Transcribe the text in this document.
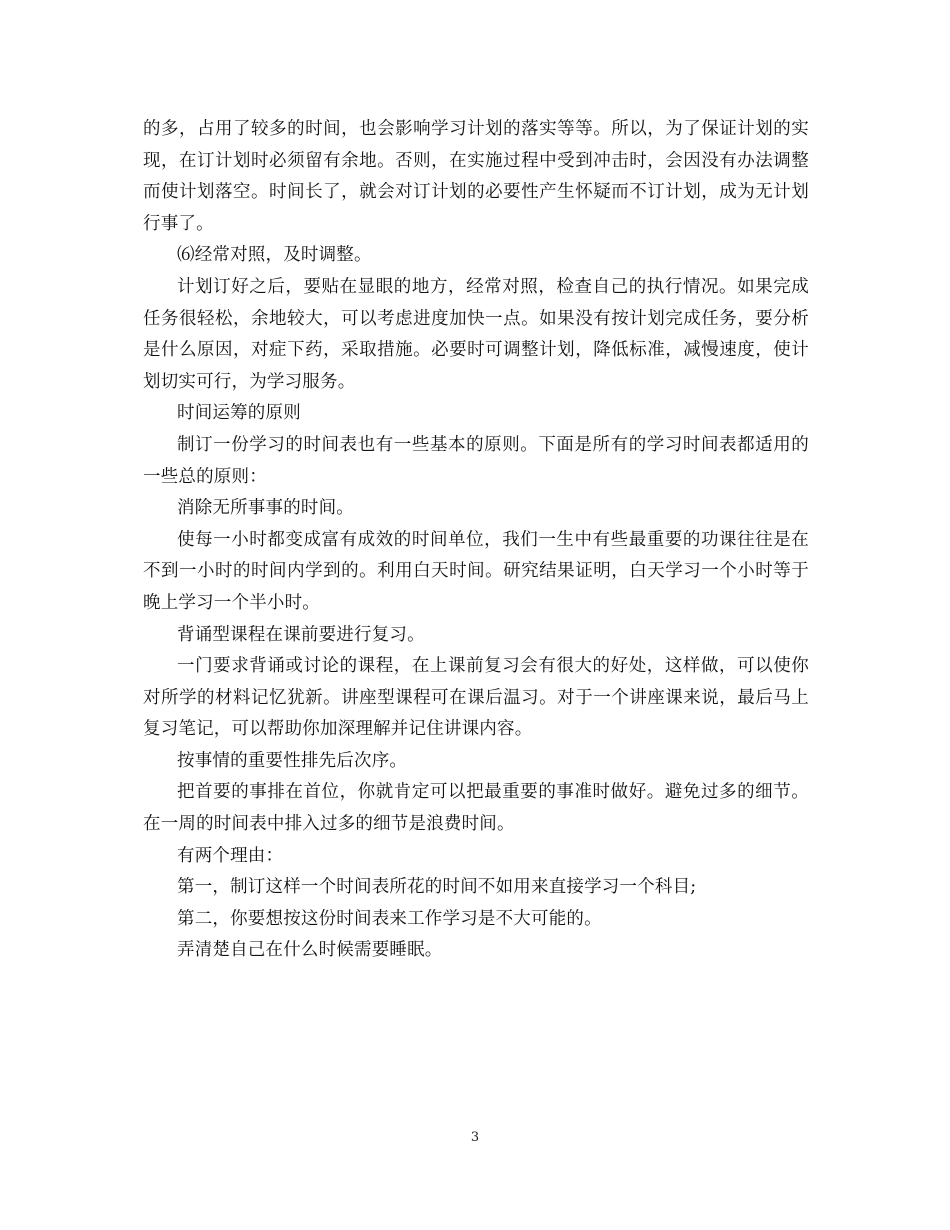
的多，占用了较多的时间，也会影响学习计划的落实等等。所以，为了保证计划的实现，在订计划时必须留有余地。否则，在实施过程中受到冲击时，会因没有办法调整而使计划落空。时间长了，就会对订计划的必要性产生怀疑而不订计划，成为无计划行事了。

⑹经常对照，及时调整。

计划订好之后，要贴在显眼的地方，经常对照，检查自己的执行情况。如果完成任务很轻松，余地较大，可以考虑进度加快一点。如果没有按计划完成任务，要分析是什么原因，对症下药，采取措施。必要时可调整计划，降低标准，减慢速度，使计划切实可行，为学习服务。

时间运筹的原则

制订一份学习的时间表也有一些基本的原则。下面是所有的学习时间表都适用的一些总的原则：

消除无所事事的时间。

使每一小时都变成富有成效的时间单位，我们一生中有些最重要的功课往往是在不到一小时的时间内学到的。利用白天时间。研究结果证明，白天学习一个小时等于晚上学习一个半小时。

背诵型课程在课前要进行复习。

一门要求背诵或讨论的课程，在上课前复习会有很大的好处，这样做，可以使你对所学的材料记忆犹新。讲座型课程可在课后温习。对于一个讲座课来说，最后马上复习笔记，可以帮助你加深理解并记住讲课内容。

按事情的重要性排先后次序。

把首要的事排在首位，你就肯定可以把最重要的事准时做好。避免过多的细节。在一周的时间表中排入过多的细节是浪费时间。

有两个理由：

第一，制订这样一个时间表所花的时间不如用来直接学习一个科目;

第二，你要想按这份时间表来工作学习是不大可能的。

弄清楚自己在什么时候需要睡眠。

3
